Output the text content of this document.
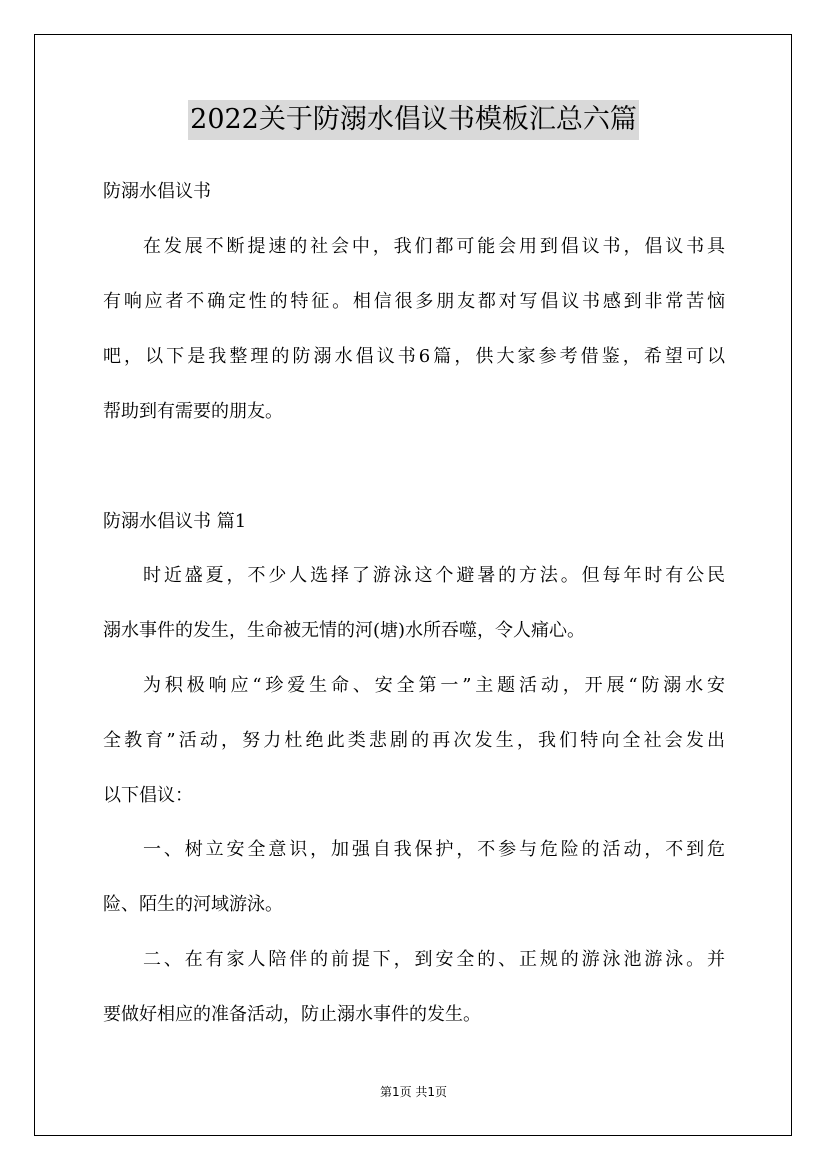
2022关于防溺水倡议书模板汇总六篇
防溺水倡议书
在发展不断提速的社会中，我们都可能会用到倡议书，倡议书具
有响应者不确定性的特征。相信很多朋友都对写倡议书感到非常苦恼
吧，以下是我整理的防溺水倡议书6篇，供大家参考借鉴，希望可以
帮助到有需要的朋友。
防溺水倡议书 篇1
时近盛夏，不少人选择了游泳这个避暑的方法。但每年时有公民
溺水事件的发生，生命被无情的河(塘)水所吞噬，令人痛心。
为积极响应“珍爱生命、安全第一”主题活动，开展“防溺水安
全教育”活动，努力杜绝此类悲剧的再次发生，我们特向全社会发出
以下倡议：
一、树立安全意识，加强自我保护，不参与危险的活动，不到危
险、陌生的河域游泳。
二、在有家人陪伴的前提下，到安全的、正规的游泳池游泳。并
要做好相应的准备活动，防止溺水事件的发生。
第1页 共1页
